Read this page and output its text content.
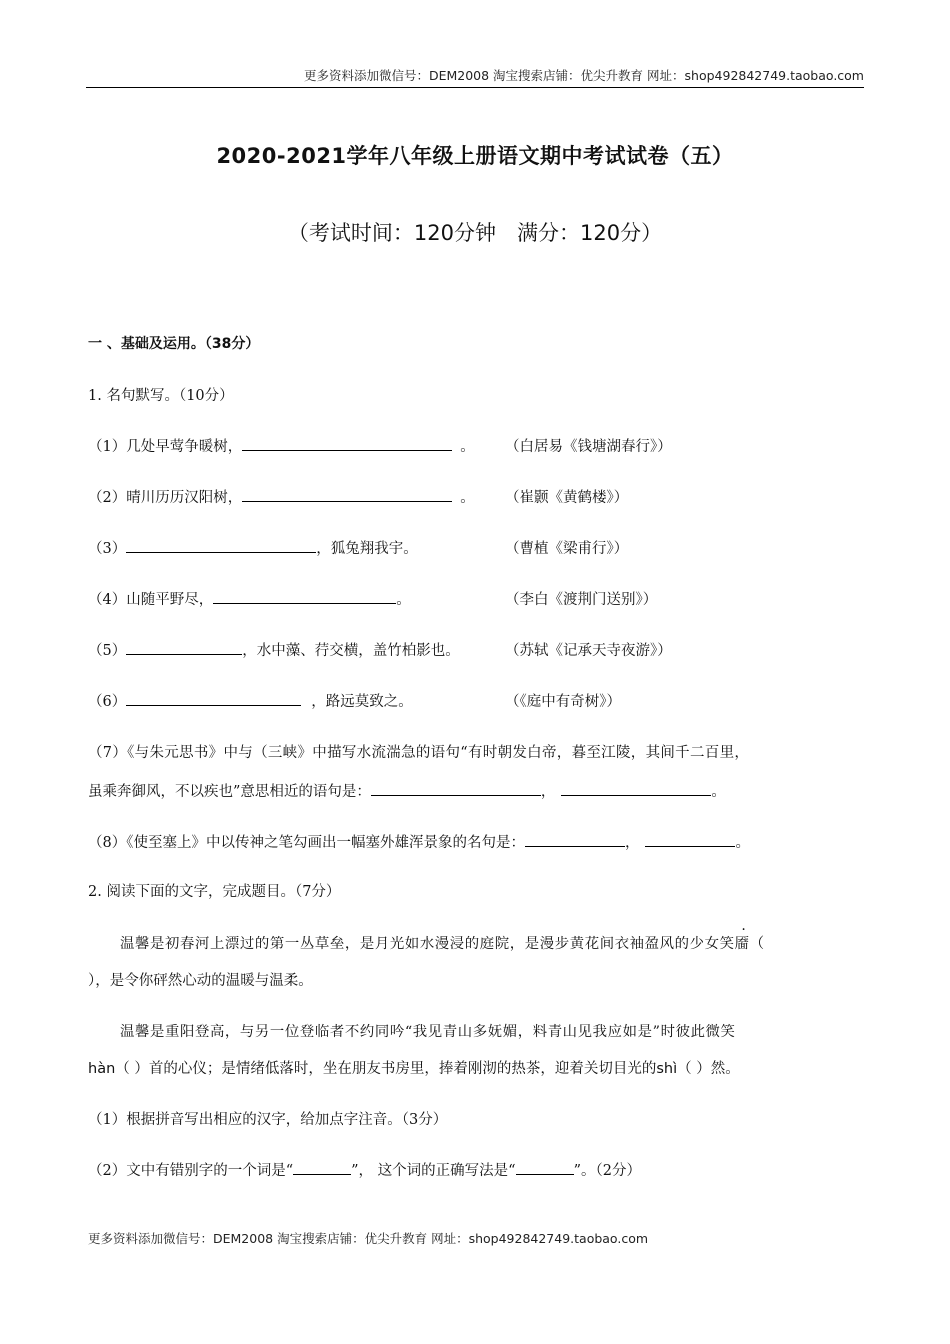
更多资料添加微信号：DEM2008 淘宝搜索店铺：优尖升教育 网址：shop492842749.taobao.com
2020-2021学年八年级上册语文期中考试试卷（五）
（考试时间：120分钟　满分：120分）
一 、基础及运用。（38分）
1. 名句默写。（10分）
（1）几处早莺争暖树，	。 （白居易《钱塘湖春行》）
（2）晴川历历汉阳树，	。 （崔颢《黄鹤楼》）
（3）	，狐兔翔我宇。	（曹植《梁甫行》）
（4）山随平野尽，	。	（李白《渡荆门送别》）
（5）	，水中藻、荇交横，盖竹柏影也。	（苏轼《记承天寺夜游》）
（6）	，路远莫致之。	（《庭中有奇树》）
（7）《与朱元思书》中与（三峡》中描写水流湍急的语句“有时朝发白帝，暮至江陵，其间千二百里，
虽乘奔御风，不以疾也”意思相近的语句是：	，	。
（8）《使至塞上》中以传神之笔勾画出一幅塞外雄浑景象的名句是：	，	。
2. 阅读下面的文字，完成题目。（7分）
温馨是初春河上漂过的第一丛草垒，是月光如水漫浸的庭院，是漫步黄花间衣袖盈风的少女笑靥（
），是令你砰然心动的温暖与温柔。
温馨是重阳登高，与另一位登临者不约同吟“我见青山多妩媚，料青山见我应如是”时彼此微笑
hàn（ ）首的心仪；是情绪低落时，坐在朋友书房里，捧着刚沏的热茶，迎着关切目光的shì（ ）然。
（1）根据拼音写出相应的汉字，给加点字注音。（3分）
（2）文中有错别字的一个词是“	”， 这个词的正确写法是“	”。（2分）
更多资料添加微信号：DEM2008 淘宝搜索店铺：优尖升教育 网址：shop492842749.taobao.com
